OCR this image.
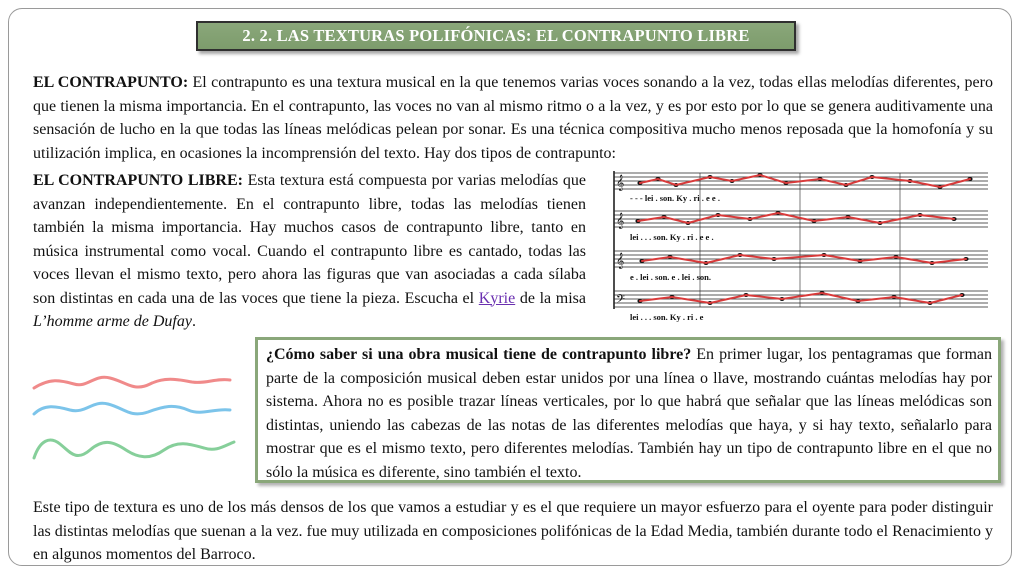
2. 2. LAS TEXTURAS POLIFÓNICAS: EL CONTRAPUNTO LIBRE

EL CONTRAPUNTO: El contrapunto es una textura musical en la que tenemos varias voces sonando a la vez, todas ellas melodías diferentes, pero que tienen la misma importancia. En el contrapunto, las voces no van al mismo ritmo o a la vez, y es por esto por lo que se genera auditivamente una sensación de lucho en la que todas las líneas melódicas pelean por sonar. Es una técnica compositiva mucho menos reposada que la homofonía y su utilización implica, en ocasiones la incomprensión del texto. Hay dos tipos de contrapunto:

EL CONTRAPUNTO LIBRE: Esta textura está compuesta por varias melodías que avanzan independientemente. En el contrapunto libre, todas las melodías tienen también la misma importancia. Hay muchos casos de contrapunto libre, tanto en música instrumental como vocal. Cuando el contrapunto libre es cantado, todas las voces llevan el mismo texto, pero ahora las figuras que van asociadas a cada sílaba son distintas en cada una de las voces que tiene la pieza. Escucha el Kyrie de la misa L’homme arme de Dufay.

𝄞
𝄞
𝄞
𝄢
- - - lei . son. Ky . ri . e e .
lei . . . son. Ky . ri . e e .
e . lei . son. e . lei . son.
lei . . . son. Ky . ri . e

¿Cómo saber si una obra musical tiene de contrapunto libre? En primer lugar, los pentagramas que forman parte de la composición musical deben estar unidos por una línea o llave, mostrando cuántas melodías hay por sistema. Ahora no es posible trazar líneas verticales, por lo que habrá que señalar que las líneas melódicas son distintas, uniendo las cabezas de las notas de las diferentes melodías que haya, y si hay texto, señalarlo para mostrar que es el mismo texto, pero diferentes melodías. También hay un tipo de contrapunto libre en el que no sólo la música es diferente, sino también el texto.

Este tipo de textura es uno de los más densos de los que vamos a estudiar y es el que requiere un mayor esfuerzo para el oyente para poder distinguir las distintas melodías que suenan a la vez. fue muy utilizada en composiciones polifónicas de la Edad Media, también durante todo el Renacimiento y en algunos momentos del Barroco.
